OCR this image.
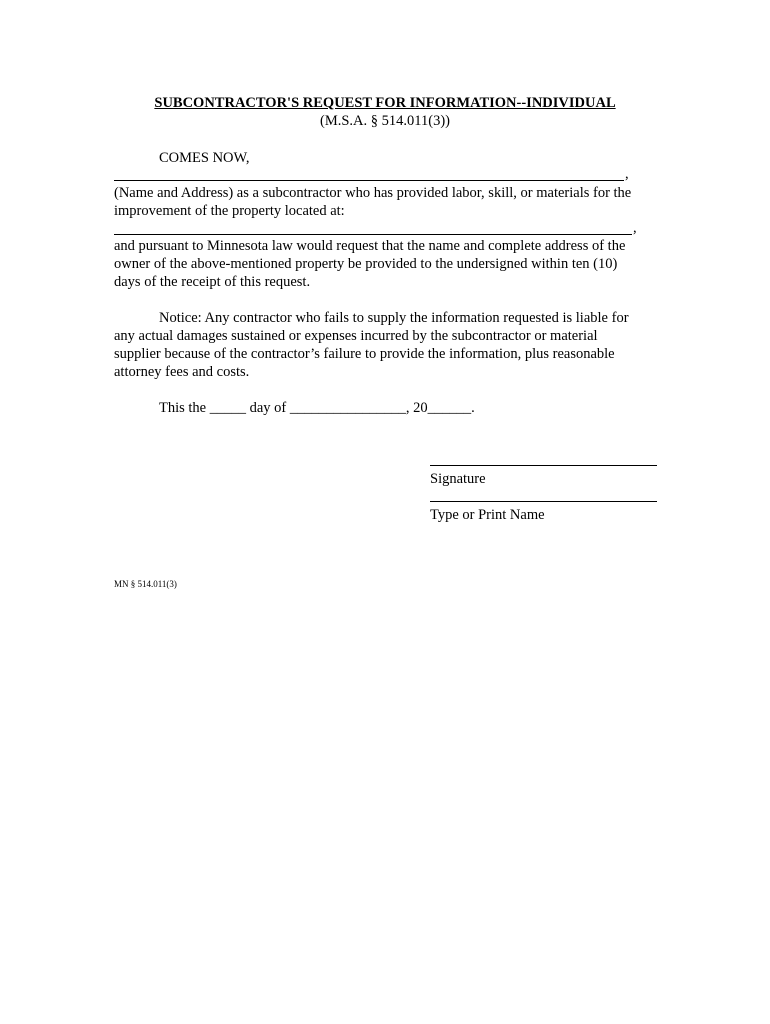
SUBCONTRACTOR'S REQUEST FOR INFORMATION--INDIVIDUAL
(M.S.A. § 514.011(3))
COMES NOW,
,
(Name and Address) as a subcontractor who has provided labor, skill, or materials for the
improvement of the property located at:
,
and pursuant to Minnesota law would request that the name and complete address of the
owner of the above-mentioned property be provided to the undersigned within ten (10)
days of the receipt of this request.
Notice: Any contractor who fails to supply the information requested is liable for
any actual damages sustained or expenses incurred by the subcontractor or material
supplier because of the contractor’s failure to provide the information, plus reasonable
attorney fees and costs.
This the _____ day of ________________, 20______.
Signature
Type or Print Name
MN § 514.011(3)
